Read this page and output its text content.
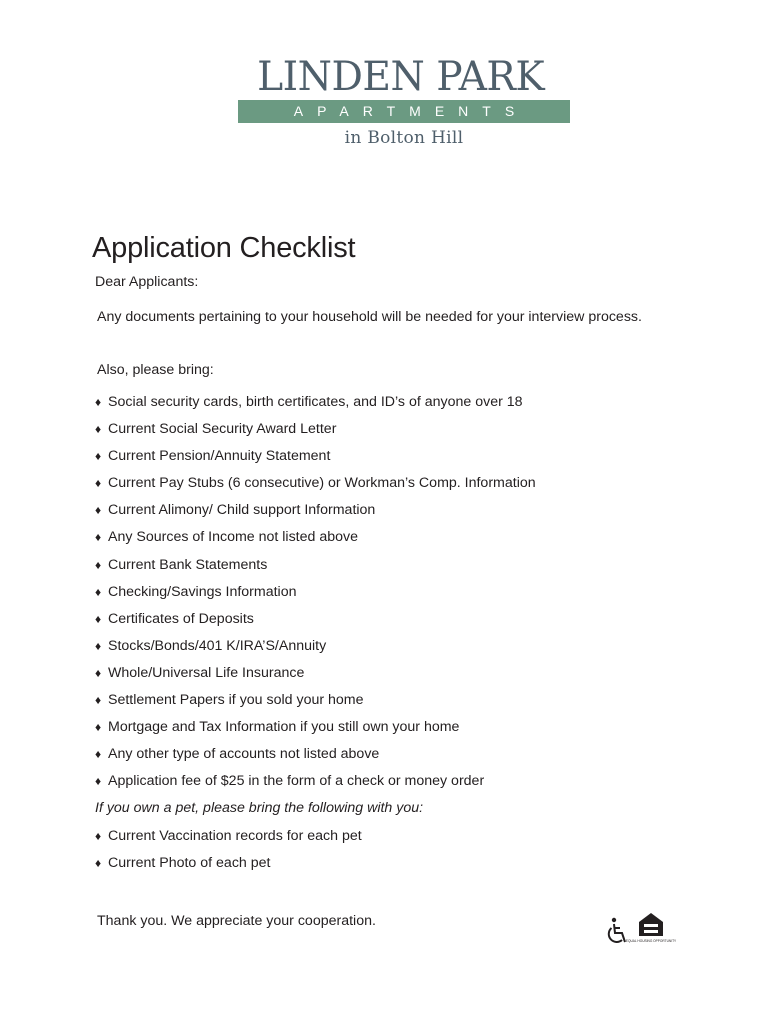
LINDEN PARK
APARTMENTS
in Bolton Hill
Application Checklist
Dear Applicants:
Any documents pertaining to your household will be needed for your interview process.
Also, please bring:
♦ Social security cards, birth certificates, and ID’s of anyone over 18
♦ Current Social Security Award Letter
♦ Current Pension/Annuity Statement
♦ Current Pay Stubs (6 consecutive) or Workman’s Comp. Information
♦ Current Alimony/ Child support Information
♦ Any Sources of Income not listed above
♦ Current Bank Statements
♦ Checking/Savings Information
♦ Certificates of Deposits
♦ Stocks/Bonds/401 K/IRA’S/Annuity
♦ Whole/Universal Life Insurance
♦ Settlement Papers if you sold your home
♦ Mortgage and Tax Information if you still own your home
♦ Any other type of accounts not listed above
♦ Application fee of $25 in the form of a check or money order
If you own a pet, please bring the following with you:
♦ Current Vaccination records for each pet
♦ Current Photo of each pet
Thank you. We appreciate your cooperation.
EQUAL HOUSING OPPORTUNITY
